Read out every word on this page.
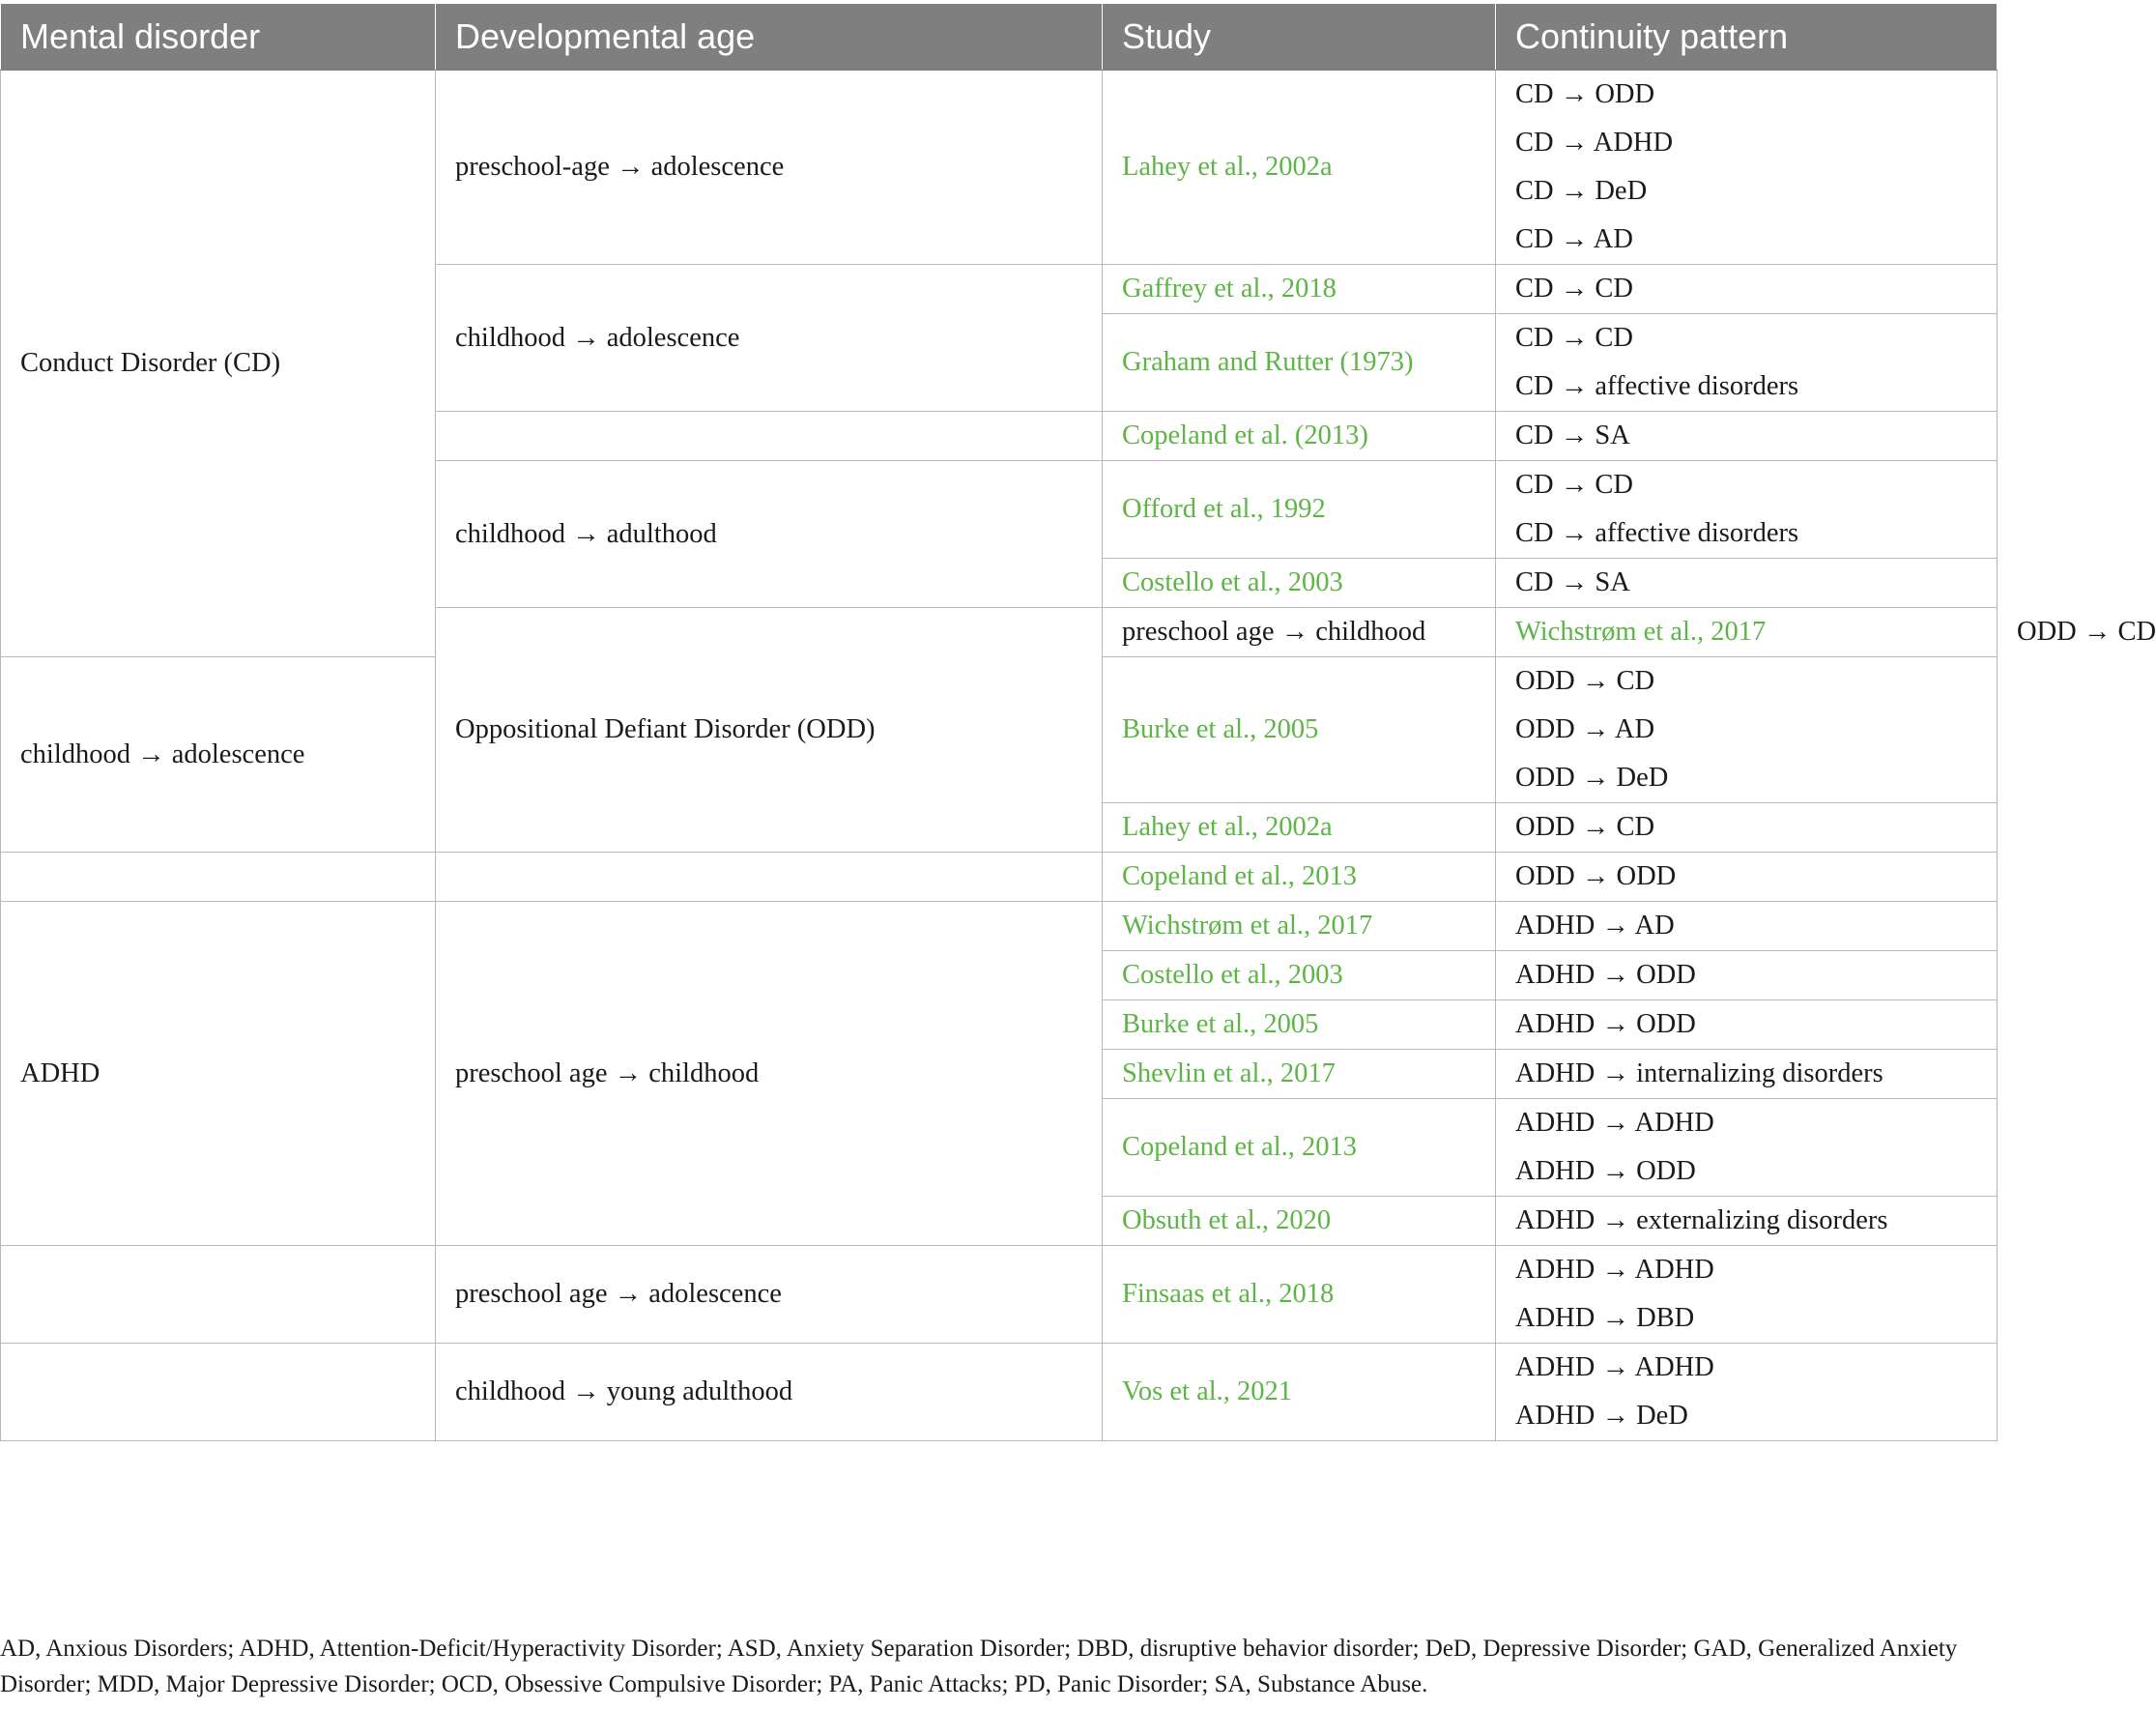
Mental disorder	Developmental age	Study	Continuity pattern	
Conduct Disorder (CD)	preschool-age → adolescence	Lahey et al., 2002a	CD → ODD
CD → ADHD
CD → DeD
CD → AD	

	childhood → adolescence	Gaffrey et al., 2018	CD → CD	

		Graham and Rutter (1973)	CD → CD
CD → affective disorders	

		Copeland et al. (2013)	CD → SA	

	childhood → adulthood	Offord et al., 1992	CD → CD
CD → affective disorders	

		Costello et al., 2003	CD → SA	

	Oppositional Defiant Disorder (ODD)	preschool age → childhood	Wichstrøm et al., 2017	ODD → CD

childhood → adolescence		Burke et al., 2005	ODD → CD
ODD → AD
ODD → DeD	

		Lahey et al., 2002a	ODD → CD	

		Copeland et al., 2013	ODD → ODD	

ADHD	preschool age → childhood	Wichstrøm et al., 2017	ADHD → AD	

		Costello et al., 2003	ADHD → ODD	

		Burke et al., 2005	ADHD → ODD	

		Shevlin et al., 2017	ADHD → internalizing disorders	

		Copeland et al., 2013	ADHD → ADHD
ADHD → ODD	

		Obsuth et al., 2020	ADHD → externalizing disorders	

	preschool age → adolescence	Finsaas et al., 2018	ADHD → ADHD
ADHD → DBD	

	childhood → young adulthood	Vos et al., 2021	ADHD → ADHD
ADHD → DeD	
AD, Anxious Disorders; ADHD, Attention-Deficit/Hyperactivity Disorder; ASD, Anxiety Separation Disorder; DBD, disruptive behavior disorder; DeD, Depressive Disorder; GAD, Generalized Anxiety Disorder; MDD, Major Depressive Disorder; OCD, Obsessive Compulsive Disorder; PA, Panic Attacks; PD, Panic Disorder; SA, Substance Abuse.
